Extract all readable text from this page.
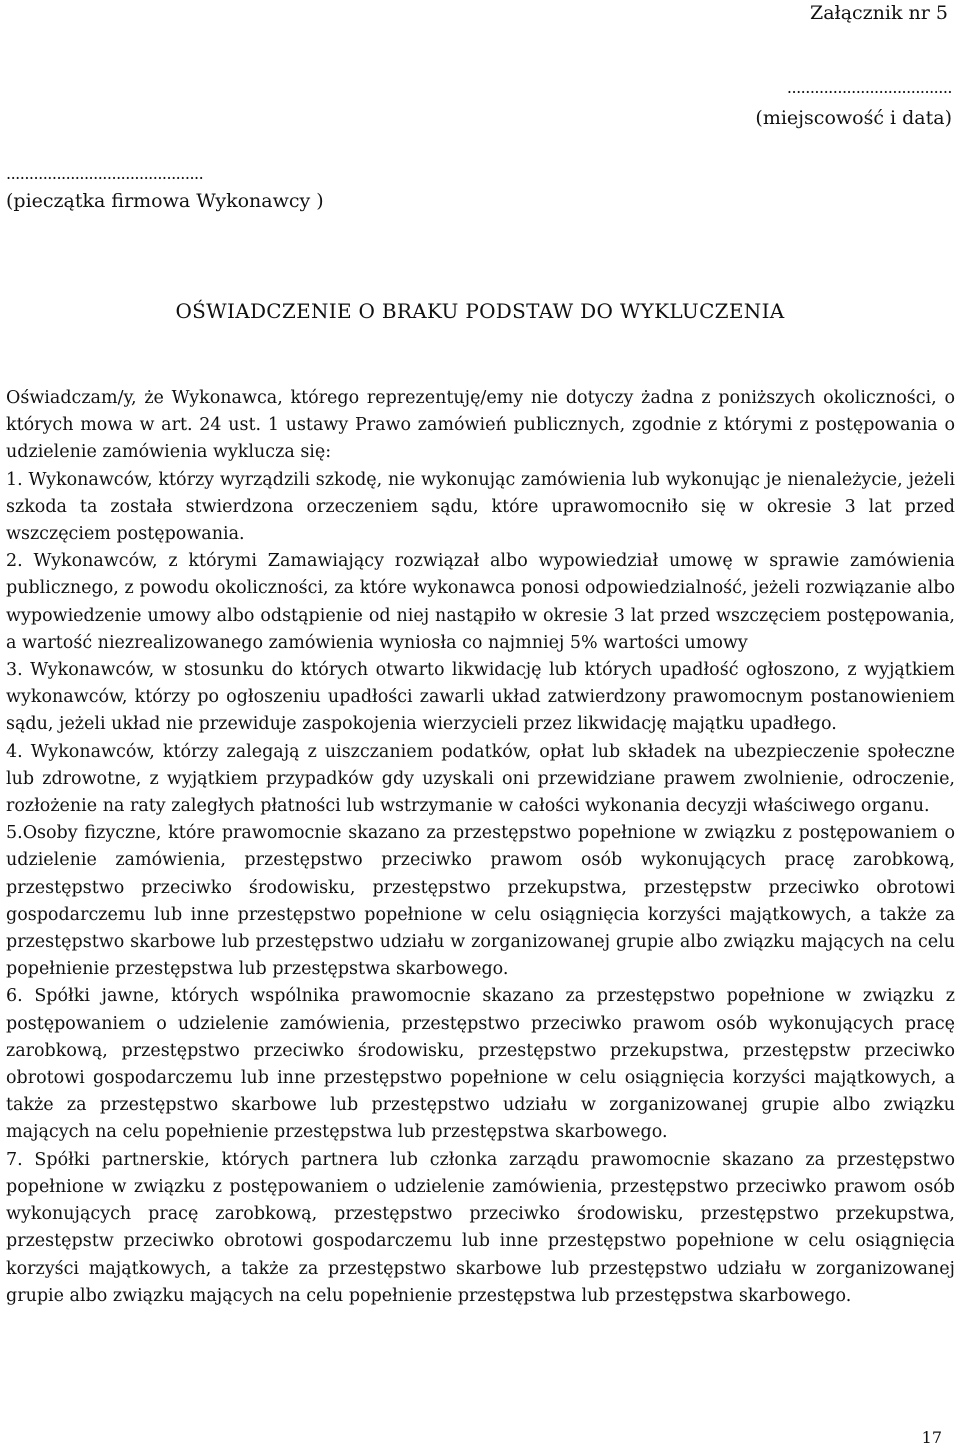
Załącznik nr 5
....................................
(miejscowość i data)
...........................................
(pieczątka firmowa Wykonawcy )
OŚWIADCZENIE O BRAKU PODSTAW DO WYKLUCZENIA

Oświadczam/y, że Wykonawca, którego reprezentuję/emy nie dotyczy żadna z poniższych okoliczności, o których mowa w art. 24 ust. 1 ustawy Prawo zamówień publicznych, zgodnie z którymi z postępowania o udzielenie zamówienia wyklucza się:

1. Wykonawców, którzy wyrządzili szkodę, nie wykonując zamówienia lub wykonując je nienależycie, jeżeli szkoda ta została stwierdzona orzeczeniem sądu, które uprawomocniło się w okresie 3 lat przed wszczęciem postępowania.

2. Wykonawców, z którymi Zamawiający rozwiązał albo wypowiedział umowę w sprawie zamówienia publicznego, z powodu okoliczności, za które wykonawca ponosi odpowiedzialność, jeżeli rozwiązanie albo wypowiedzenie umowy albo odstąpienie od niej nastąpiło w okresie 3 lat przed wszczęciem postępowania, a wartość niezrealizowanego zamówienia wyniosła co najmniej 5% wartości umowy

3. Wykonawców, w stosunku do których otwarto likwidację lub których upadłość ogłoszono, z wyjątkiem wykonawców, którzy po ogłoszeniu upadłości zawarli układ zatwierdzony prawomocnym postanowieniem sądu, jeżeli układ nie przewiduje zaspokojenia wierzycieli przez likwidację majątku upadłego.

4. Wykonawców, którzy zalegają z uiszczaniem podatków, opłat lub składek na ubezpieczenie społeczne lub zdrowotne, z wyjątkiem przypadków gdy uzyskali oni przewidziane prawem zwolnienie, odroczenie, rozłożenie na raty zaległych płatności lub wstrzymanie w całości wykonania decyzji właściwego organu.

5.Osoby fizyczne, które prawomocnie skazano za przestępstwo popełnione w związku z postępowaniem o udzielenie zamówienia, przestępstwo przeciwko prawom osób wykonujących pracę zarobkową, przestępstwo przeciwko środowisku, przestępstwo przekupstwa, przestępstw przeciwko obrotowi gospodarczemu lub inne przestępstwo popełnione w celu osiągnięcia korzyści majątkowych, a także za przestępstwo skarbowe lub przestępstwo udziału w zorganizowanej grupie albo związku mających na celu popełnienie przestępstwa lub przestępstwa skarbowego.

6. Spółki jawne, których wspólnika prawomocnie skazano za przestępstwo popełnione w związku z postępowaniem o udzielenie zamówienia, przestępstwo przeciwko prawom osób wykonujących pracę zarobkową, przestępstwo przeciwko środowisku, przestępstwo przekupstwa, przestępstw przeciwko obrotowi gospodarczemu lub inne przestępstwo popełnione w celu osiągnięcia korzyści majątkowych, a także za przestępstwo skarbowe lub przestępstwo udziału w zorganizowanej grupie albo związku mających na celu popełnienie przestępstwa lub przestępstwa skarbowego.

7. Spółki partnerskie, których partnera lub członka zarządu prawomocnie skazano za przestępstwo popełnione w związku z postępowaniem o udzielenie zamówienia, przestępstwo przeciwko prawom osób wykonujących pracę zarobkową, przestępstwo przeciwko środowisku, przestępstwo przekupstwa, przestępstw przeciwko obrotowi gospodarczemu lub inne przestępstwo popełnione w celu osiągnięcia korzyści majątkowych, a także za przestępstwo skarbowe lub przestępstwo udziału w zorganizowanej grupie albo związku mających na celu popełnienie przestępstwa lub przestępstwa skarbowego.

17
